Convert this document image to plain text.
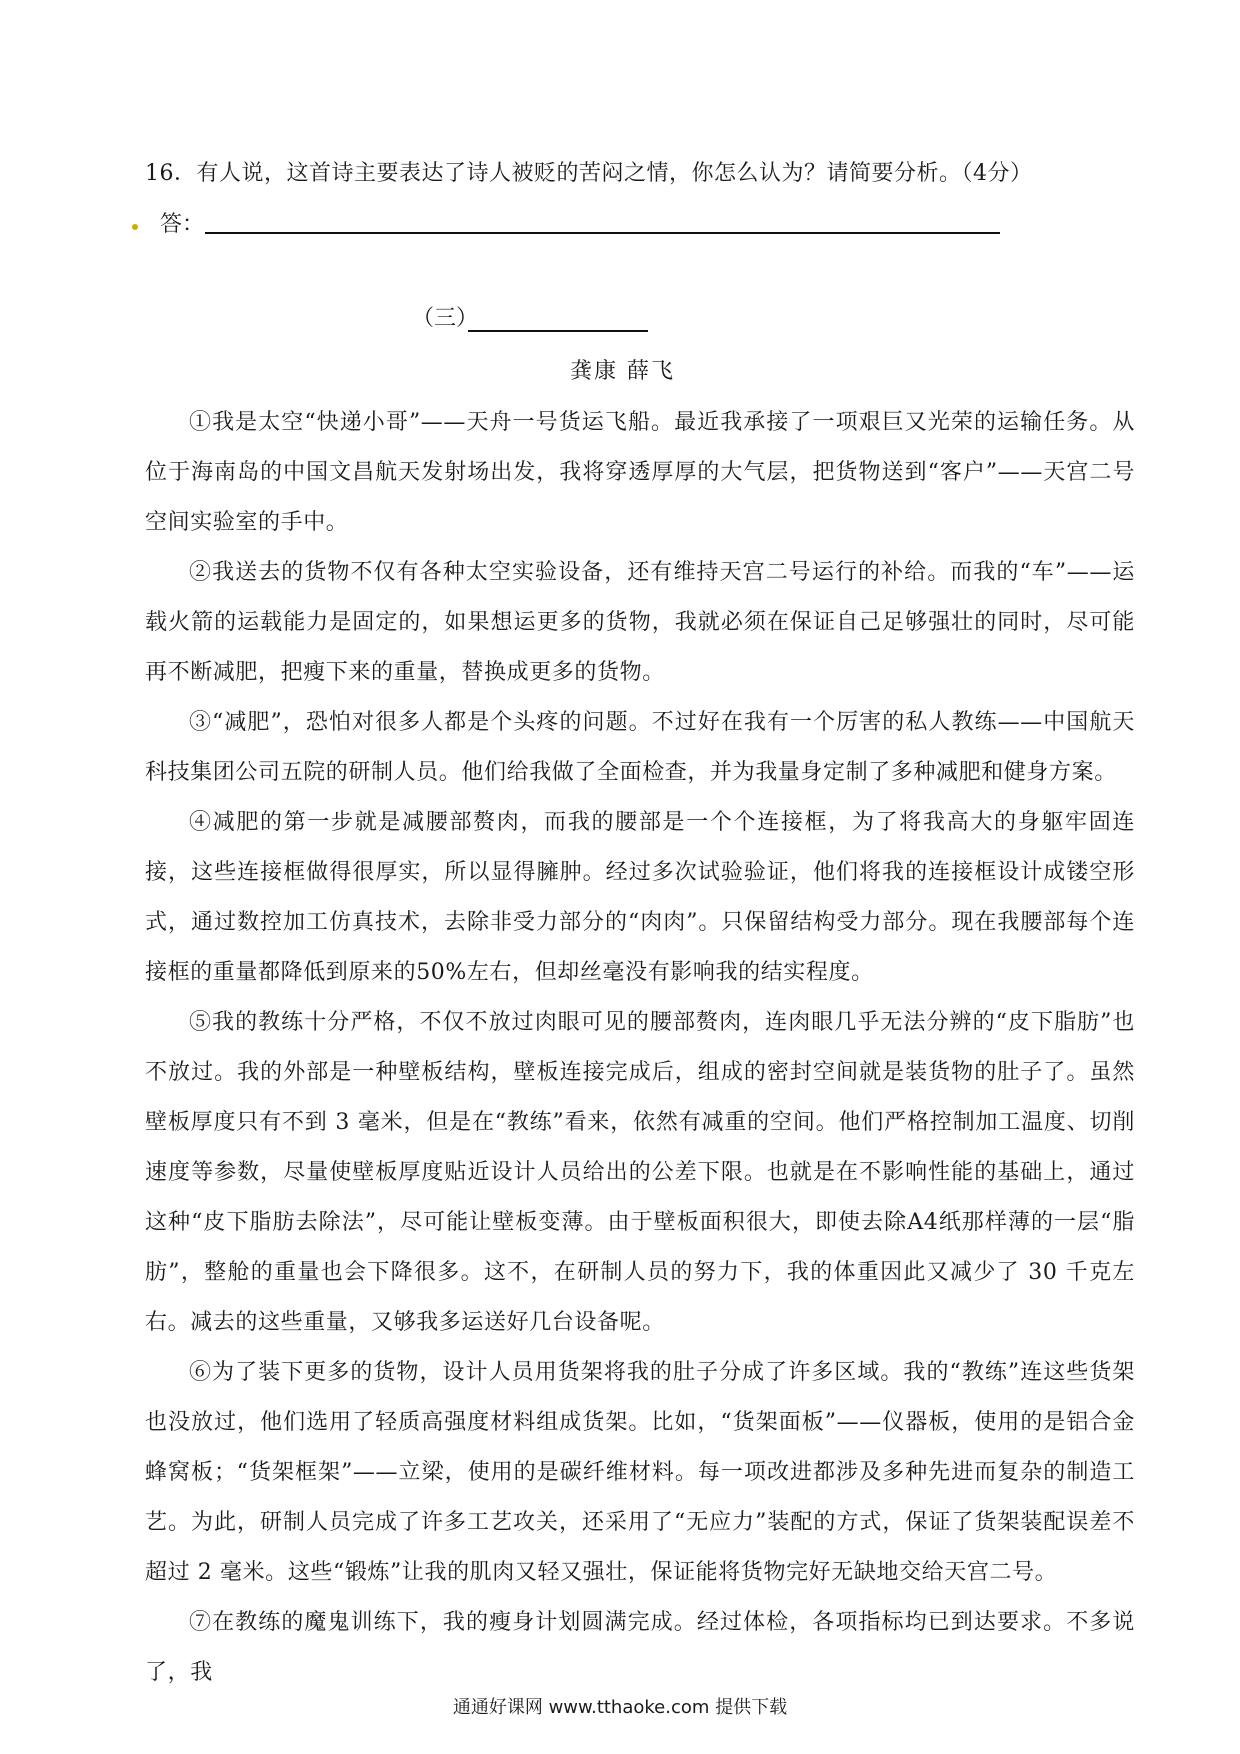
16．有人说，这首诗主要表达了诗人被贬的苦闷之情，你怎么认为？请简要分析。（4分）
答：
（三）
龚康 薛飞

①我是太空“快递小哥”——天舟一号货运飞船。最近我承接了一项艰巨又光荣的运输任务。从位于海南岛的中国文昌航天发射场出发，我将穿透厚厚的大气层，把货物送到“客户”——天宫二号空间实验室的手中。

②我送去的货物不仅有各种太空实验设备，还有维持天宫二号运行的补给。而我的“车”——运载火箭的运载能力是固定的，如果想运更多的货物，我就必须在保证自己足够强壮的同时，尽可能再不断减肥，把瘦下来的重量，替换成更多的货物。

③“减肥”，恐怕对很多人都是个头疼的问题。不过好在我有一个厉害的私人教练——中国航天科技集团公司五院的研制人员。他们给我做了全面检查，并为我量身定制了多种减肥和健身方案。

④减肥的第一步就是减腰部赘肉，而我的腰部是一个个连接框，为了将我高大的身躯牢固连接，这些连接框做得很厚实，所以显得臃肿。经过多次试验验证，他们将我的连接框设计成镂空形式，通过数控加工仿真技术，去除非受力部分的“肉肉”。只保留结构受力部分。现在我腰部每个连接框的重量都降低到原来的50%左右，但却丝毫没有影响我的结实程度。

⑤我的教练十分严格，不仅不放过肉眼可见的腰部赘肉，连肉眼几乎无法分辨的“皮下脂肪”也不放过。我的外部是一种壁板结构，壁板连接完成后，组成的密封空间就是装货物的肚子了。虽然壁板厚度只有不到 3 毫米，但是在“教练”看来，依然有减重的空间。他们严格控制加工温度、切削速度等参数，尽量使壁板厚度贴近设计人员给出的公差下限。也就是在不影响性能的基础上，通过这种“皮下脂肪去除法”，尽可能让壁板变薄。由于壁板面积很大，即使去除A4纸那样薄的一层“脂肪”，整舱的重量也会下降很多。这不，在研制人员的努力下，我的体重因此又减少了 30 千克左右。减去的这些重量，又够我多运送好几台设备呢。

⑥为了装下更多的货物，设计人员用货架将我的肚子分成了许多区域。我的“教练”连这些货架也没放过，他们选用了轻质高强度材料组成货架。比如，“货架面板”——仪器板，使用的是铝合金蜂窝板；“货架框架”——立梁，使用的是碳纤维材料。每一项改进都涉及多种先进而复杂的制造工艺。为此，研制人员完成了许多工艺攻关，还采用了“无应力”装配的方式，保证了货架装配误差不超过 2 毫米。这些“锻炼”让我的肌肉又轻又强壮，保证能将货物完好无缺地交给天宫二号。

⑦在教练的魔鬼训练下，我的瘦身计划圆满完成。经过体检，各项指标均已到达要求。不多说了，我

通通好课网 www.tthaoke.com 提供下载
